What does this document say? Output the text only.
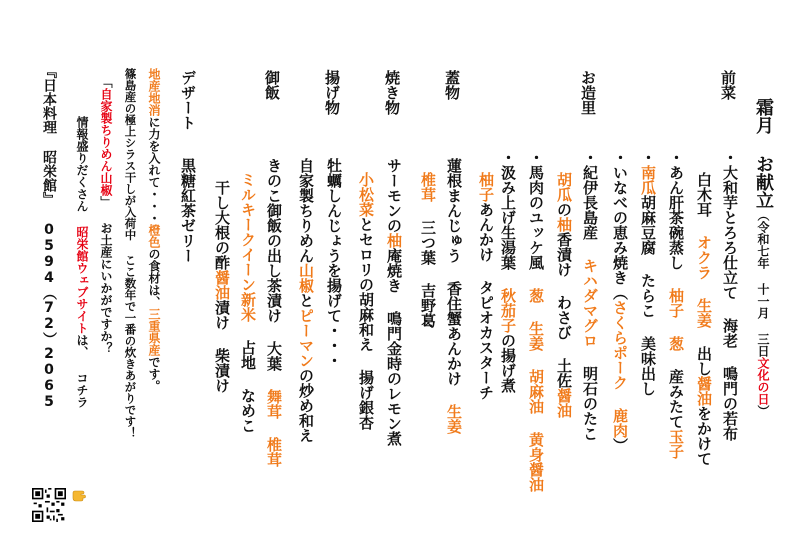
霜月
お献立（令和七年 十一月 三日文化の日）
前菜
・大和芋とろろ仕立て 海老 鳴門の若布
白木耳 オクラ 生姜 出し醤油をかけて
・あん肝茶碗蒸し 柚子 葱 産みたて玉子
・南瓜胡麻豆腐 たらこ 美味出し
・いなべの恵み焼き（さくらポーク 鹿肉）
お造里
・紀伊長島産 キハダマグロ 明石のたこ
胡瓜の柚香漬け わさび 土佐醤油
・馬肉のユッケ風 葱 生姜 胡麻油 黄身醤油
・汲み上げ生湯葉 秋茄子の揚げ煮
柚子あんかけ タピオカスターチ
蓋物
蓮根まんじゅう 香住蟹あんかけ 生姜
椎茸 三つ葉 吉野葛
焼き物
サーモンの柚庵焼き 鳴門金時のレモン煮
小松菜とセロリの胡麻和え 揚げ銀杏
揚げ物
牡蠣しんじょうを揚げて・・・
自家製ちりめん山椒とピーマンの炒め和え
御飯
きのこ御飯の出し茶漬け 大葉 舞茸 椎茸
ミルキークイーン新米 占地 なめこ
干し大根の酢醤油漬け 柴漬け
デザート
黒糖紅茶ゼリー
地産地消に力を入れて・・・橙色の食材は、三重県産です。
篠島産の極上シラス干しが入荷中 ここ数年で一番の炊きあがりです！
「自家製ちりめん山椒」 お土産にいかがですか？
情報盛りだくさん 昭栄館ウェブサイトは、 コチラ
『日本料理 昭栄館』 0594（72）2065
